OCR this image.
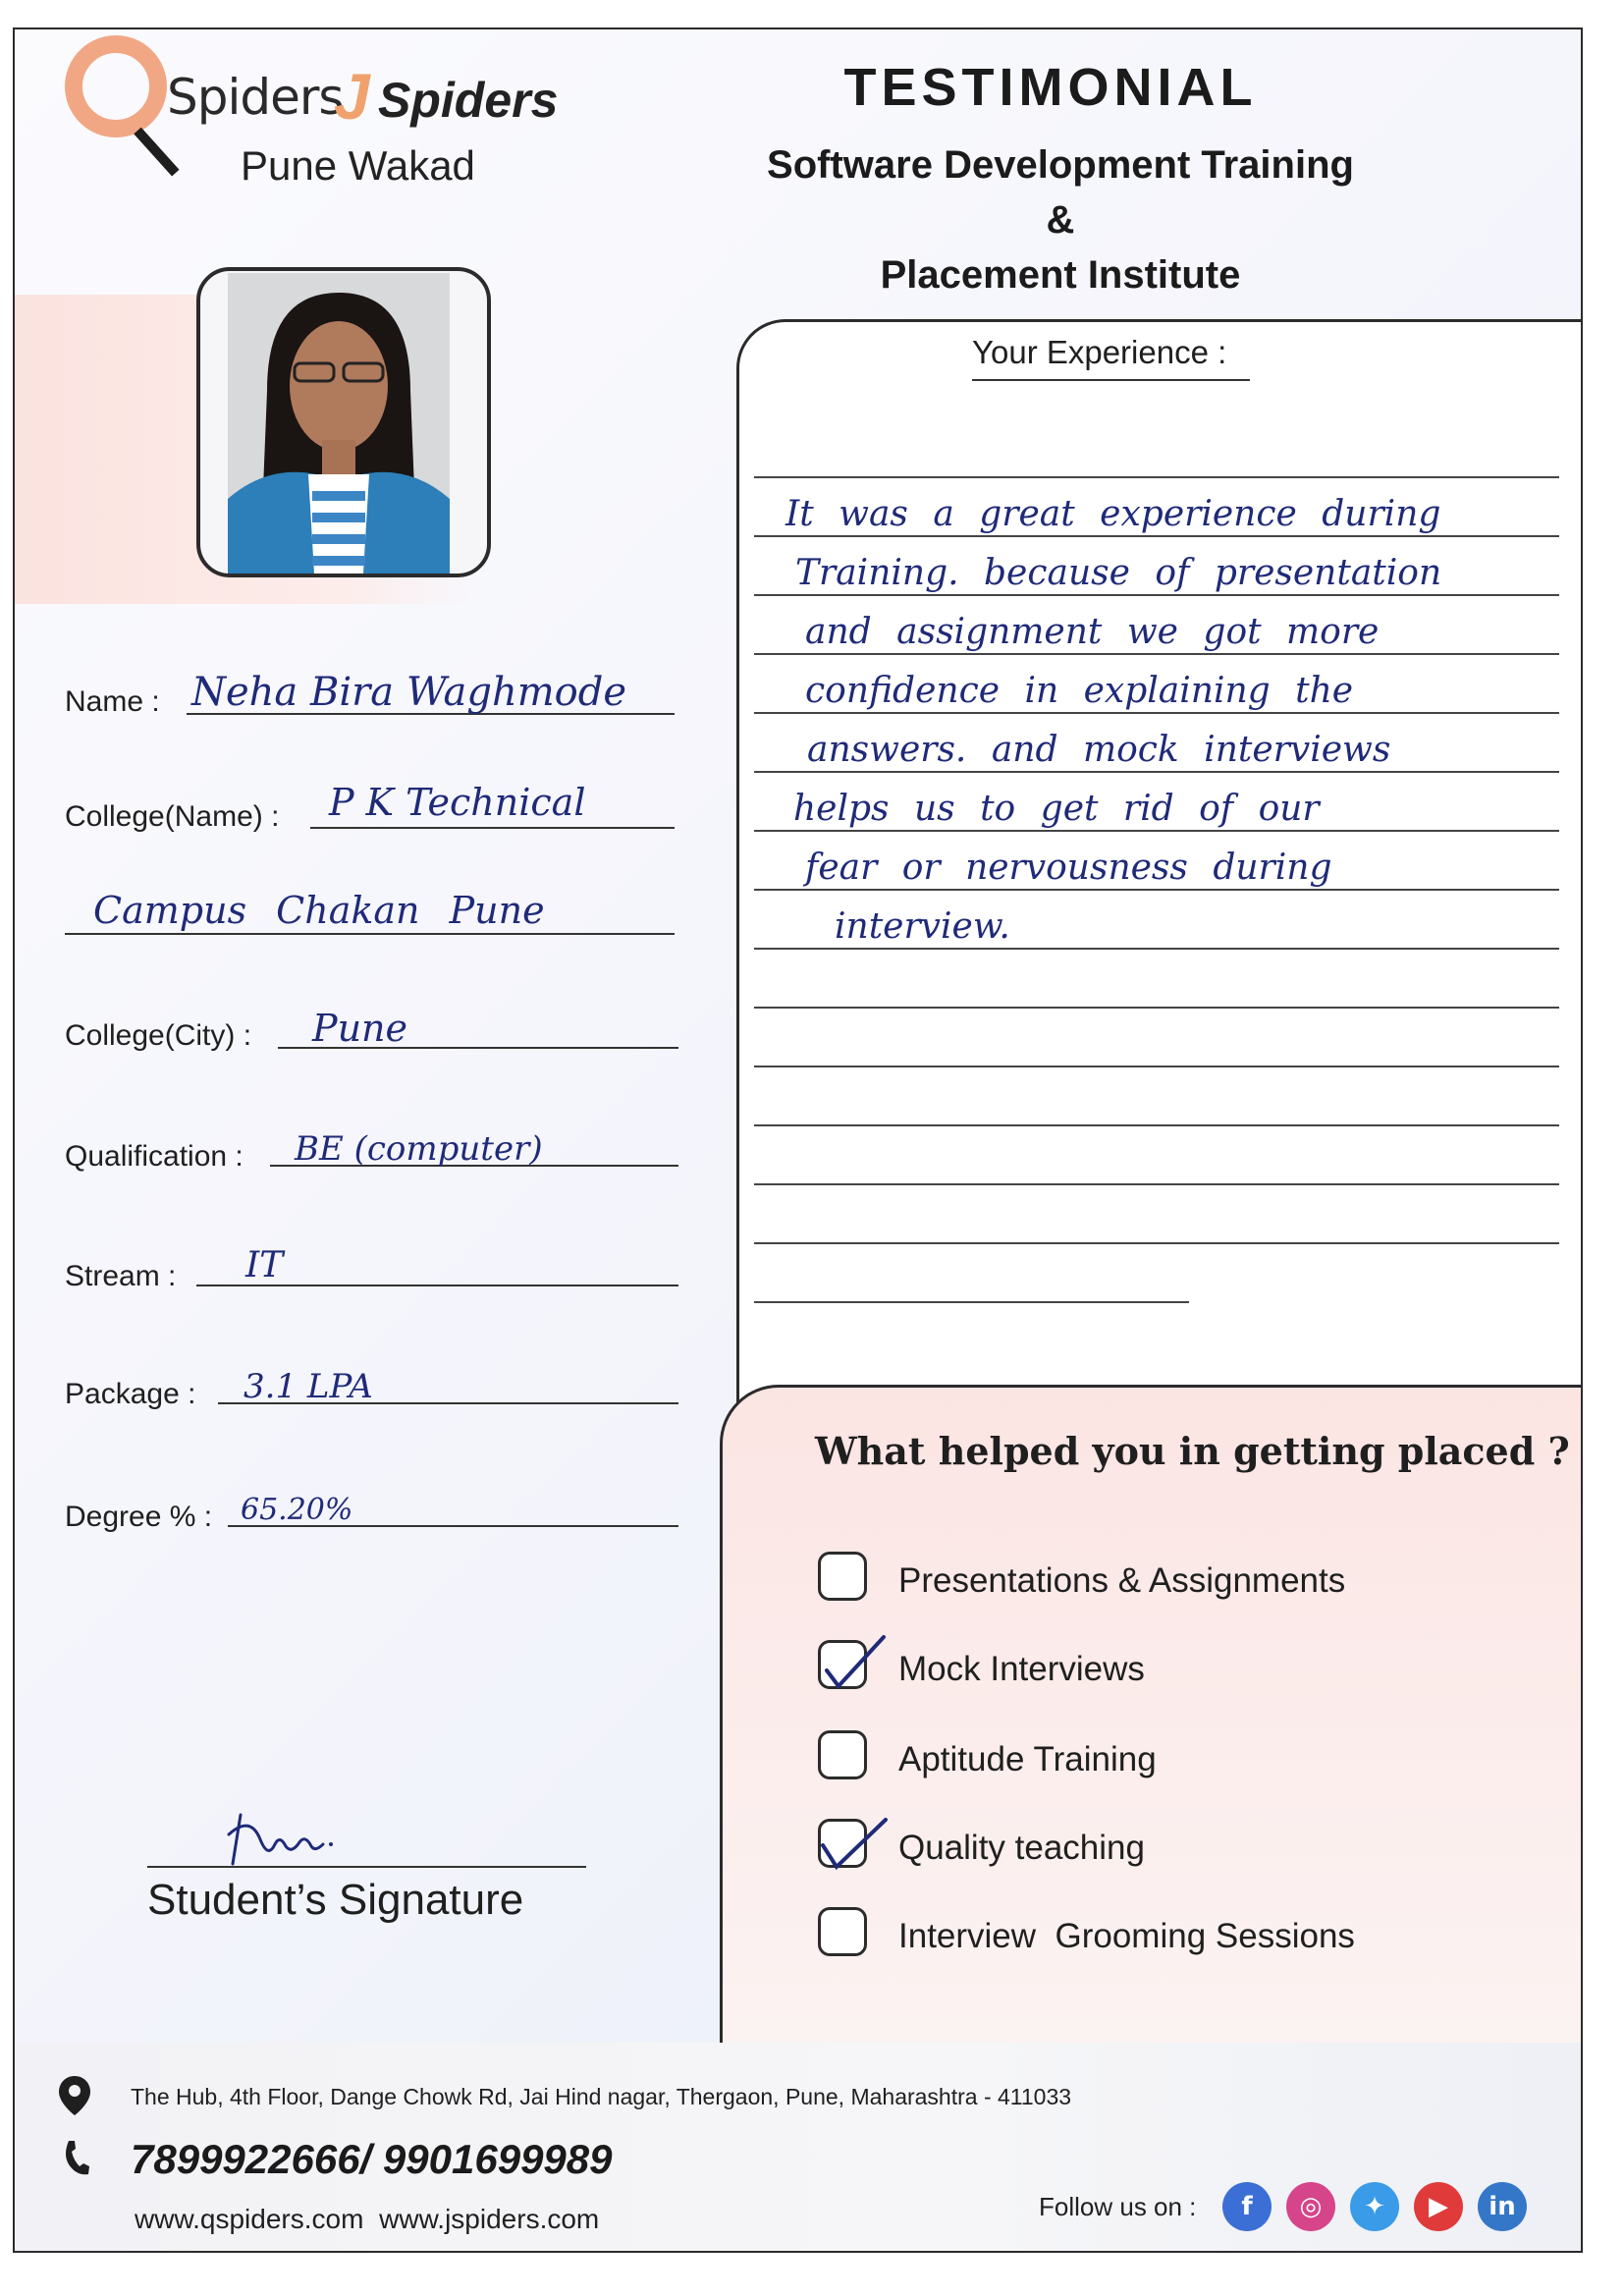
Spiders
J Spiders
Pune Wakad
TESTIMONIAL
Software Development Training &
Placement Institute
Name : Neha Bira Waghmode
College(Name) : P K Technical
Campus Chakan Pune
College(City) : Pune
Qualification : BE (computer)
Stream : IT
Package : 3.1 LPA
Degree % : 65.20%
Your Experience :
It was a great experience during
Training. because of presentation
and assignment we got more
confidence in explaining the
answers. and mock interviews
helps us to get rid of our
fear or nervousness during
interview.
What helped you in getting placed ?
Presentations & Assignments
Mock Interviews
Aptitude Training
Quality teaching
Interview  Grooming Sessions
Student’s Signature
The Hub, 4th Floor, Dange Chowk Rd, Jai Hind nagar, Thergaon, Pune, Maharashtra - 411033
7899922666/ 9901699989
www.qspiders.com www.jspiders.com	Follow us on :	f	◎	✦	▶	in
